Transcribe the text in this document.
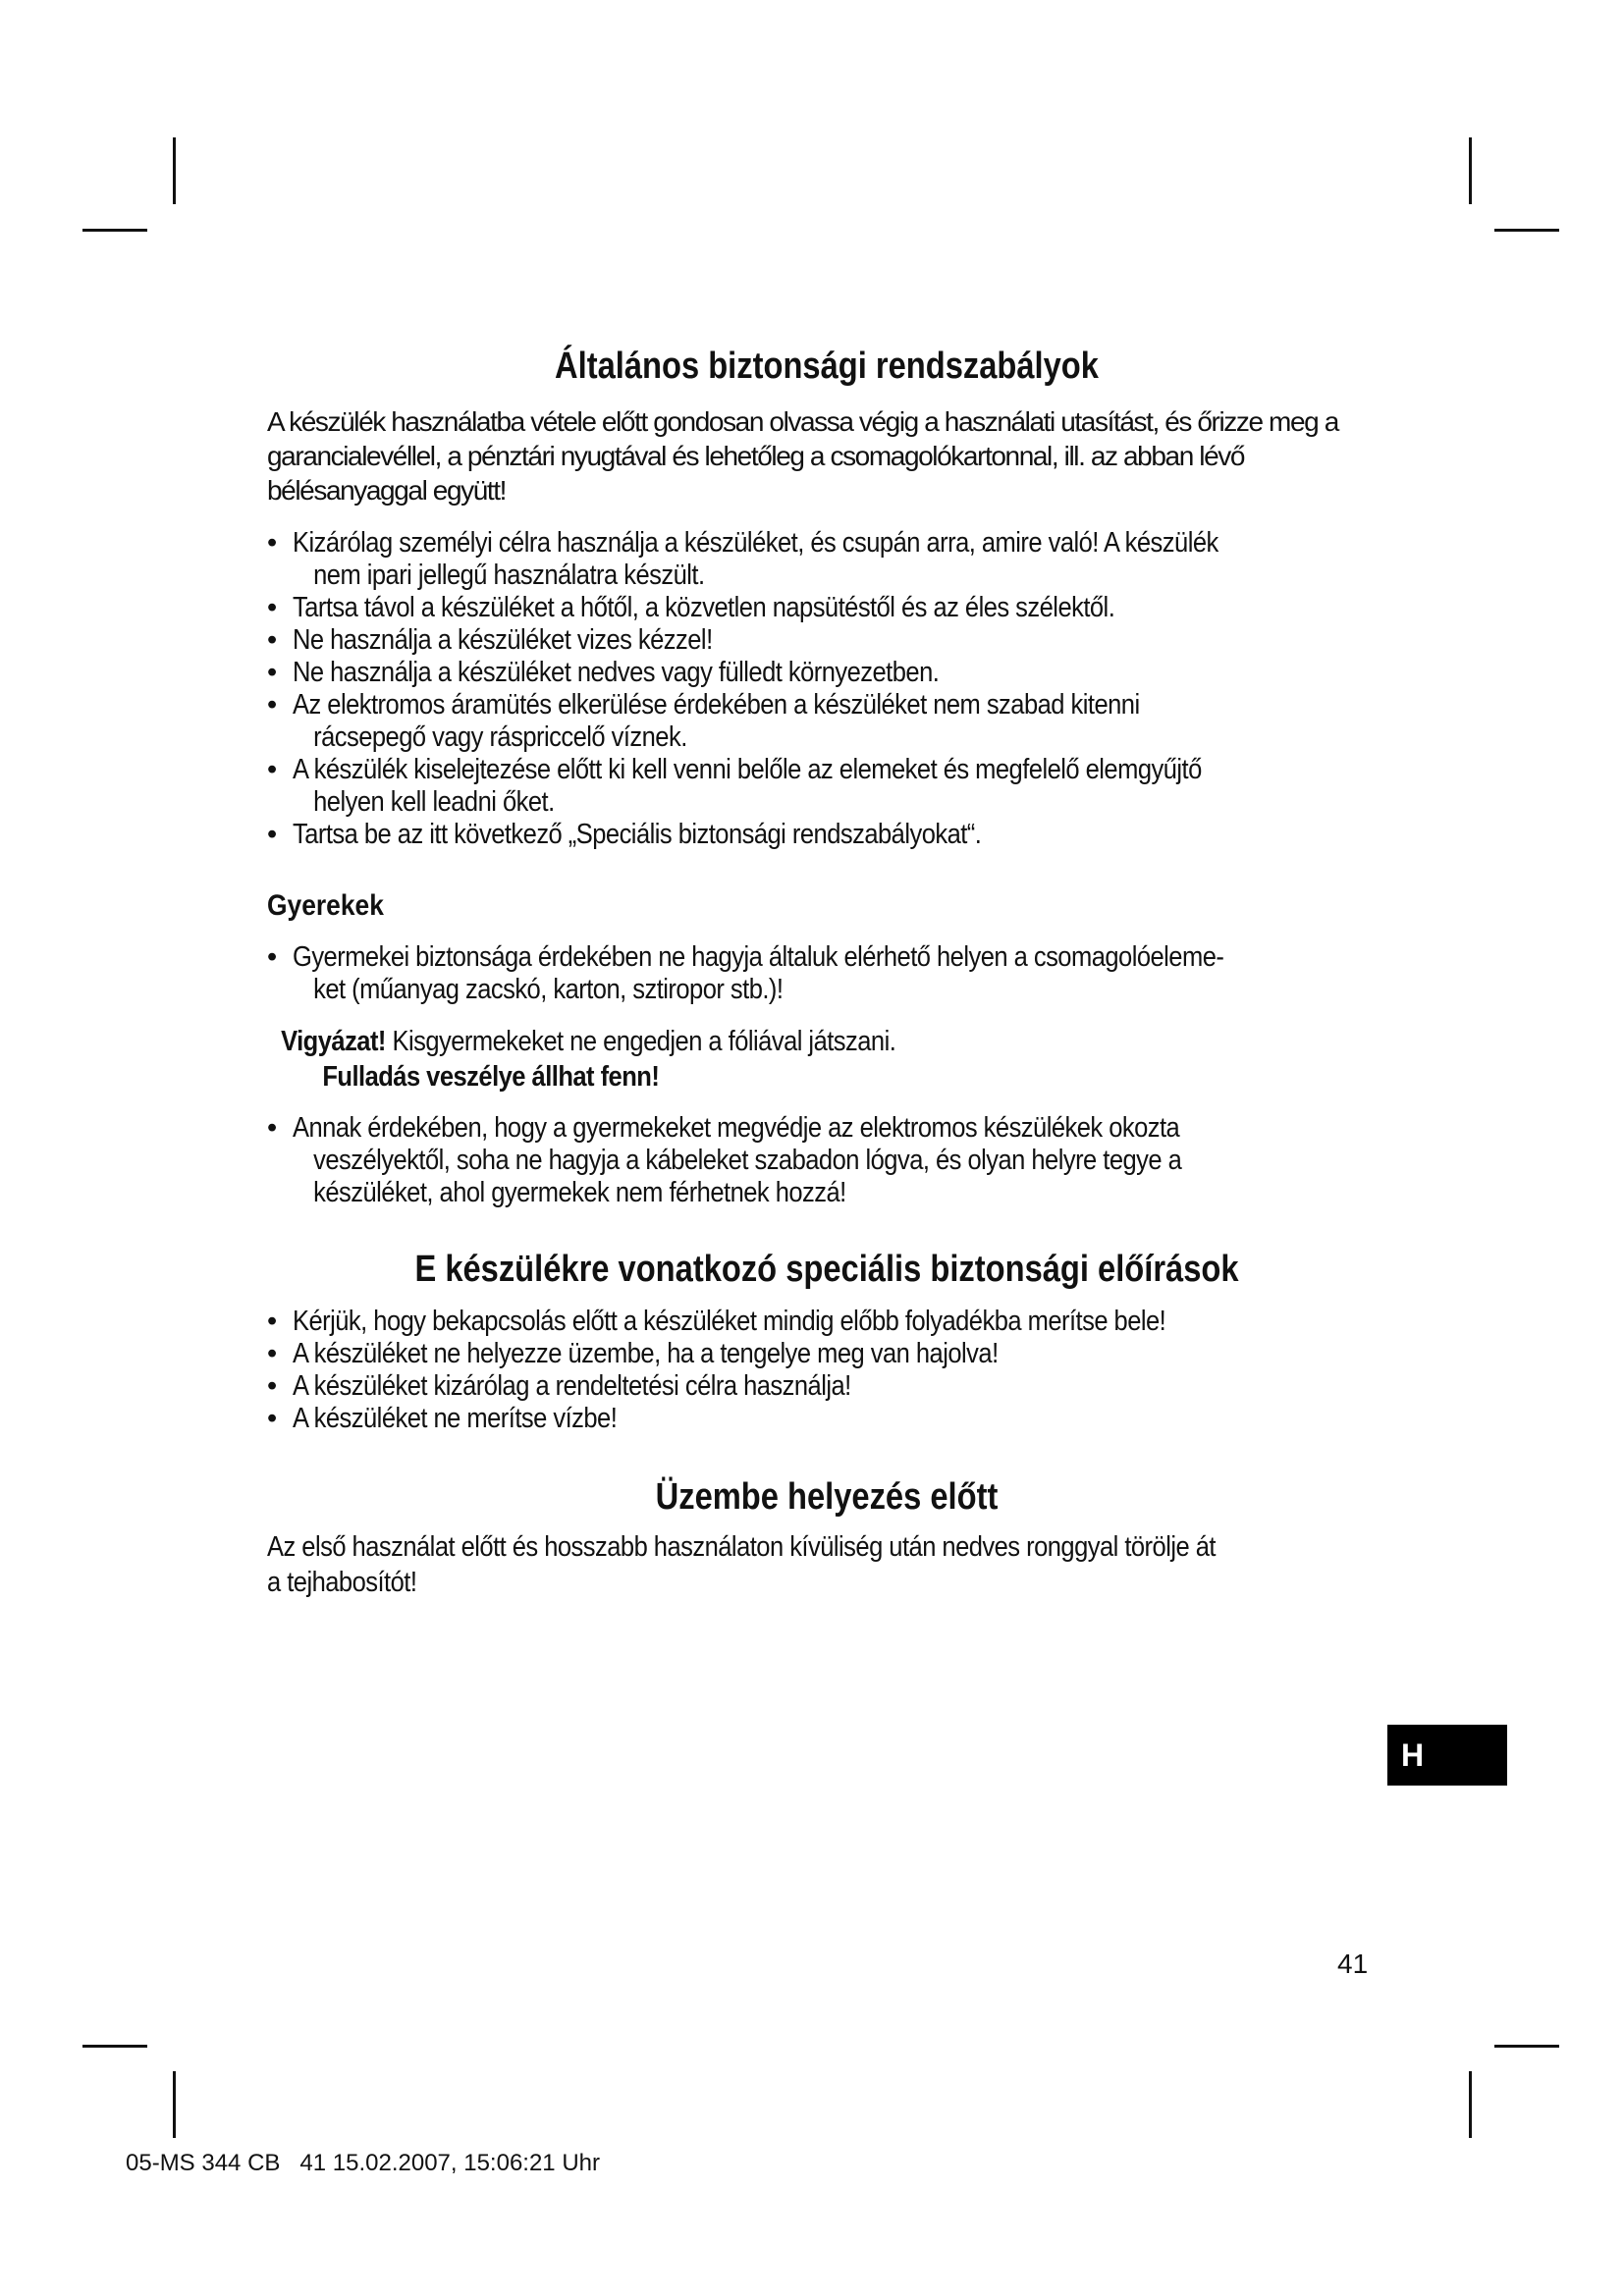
Általános biztonsági rendszabályok

A készülék használatba vétele előtt gondosan olvassa végig a használati utasítást, és őrizze meg a garancialevéllel, a pénztári nyugtával és lehetőleg a csomagolókartonnal, ill. az abban lévő bélésanyaggal együtt!

• Kizárólag személyi célra használja a készüléket, és csupán arra, amire való! A készülék
nem ipari jellegű használatra készült.
• Tartsa távol a készüléket a hőtől, a közvetlen napsütéstől és az éles szélektől.
• Ne használja a készüléket vizes kézzel!
• Ne használja a készüléket nedves vagy fülledt környezetben.
• Az elektromos áramütés elkerülése érdekében a készüléket nem szabad kitenni
rácsepegő vagy ráspriccelő víznek.
• A készülék kiselejtezése előtt ki kell venni belőle az elemeket és megfelelő elemgyűjtő
helyen kell leadni őket.
• Tartsa be az itt következő „Speciális biztonsági rendszabályokat“.
Gyerekek
• Gyermekei biztonsága érdekében ne hagyja általuk elérhető helyen a csomagolóeleme-
ket (műanyag zacskó, karton, sztiropor stb.)!
Vigyázat! Kisgyermekeket ne engedjen a fóliával játszani.
Fulladás veszélye állhat fenn!
• Annak érdekében, hogy a gyermekeket megvédje az elektromos készülékek okozta
veszélyektől, soha ne hagyja a kábeleket szabadon lógva, és olyan helyre tegye a
készüléket, ahol gyermekek nem férhetnek hozzá!
E készülékre vonatkozó speciális biztonsági előírások
• Kérjük, hogy bekapcsolás előtt a készüléket mindig előbb folyadékba merítse bele!
• A készüléket ne helyezze üzembe, ha a tengelye meg van hajolva!
• A készüléket kizárólag a rendeltetési célra használja!
• A készüléket ne merítse vízbe!
Üzembe helyezés előtt

Az első használat előtt és hosszabb használaton kívüliség után nedves ronggyal törölje át
a tejhabosítót!

H
41
05-MS 344 CB   41 15.02.2007, 15:06:21 Uhr
